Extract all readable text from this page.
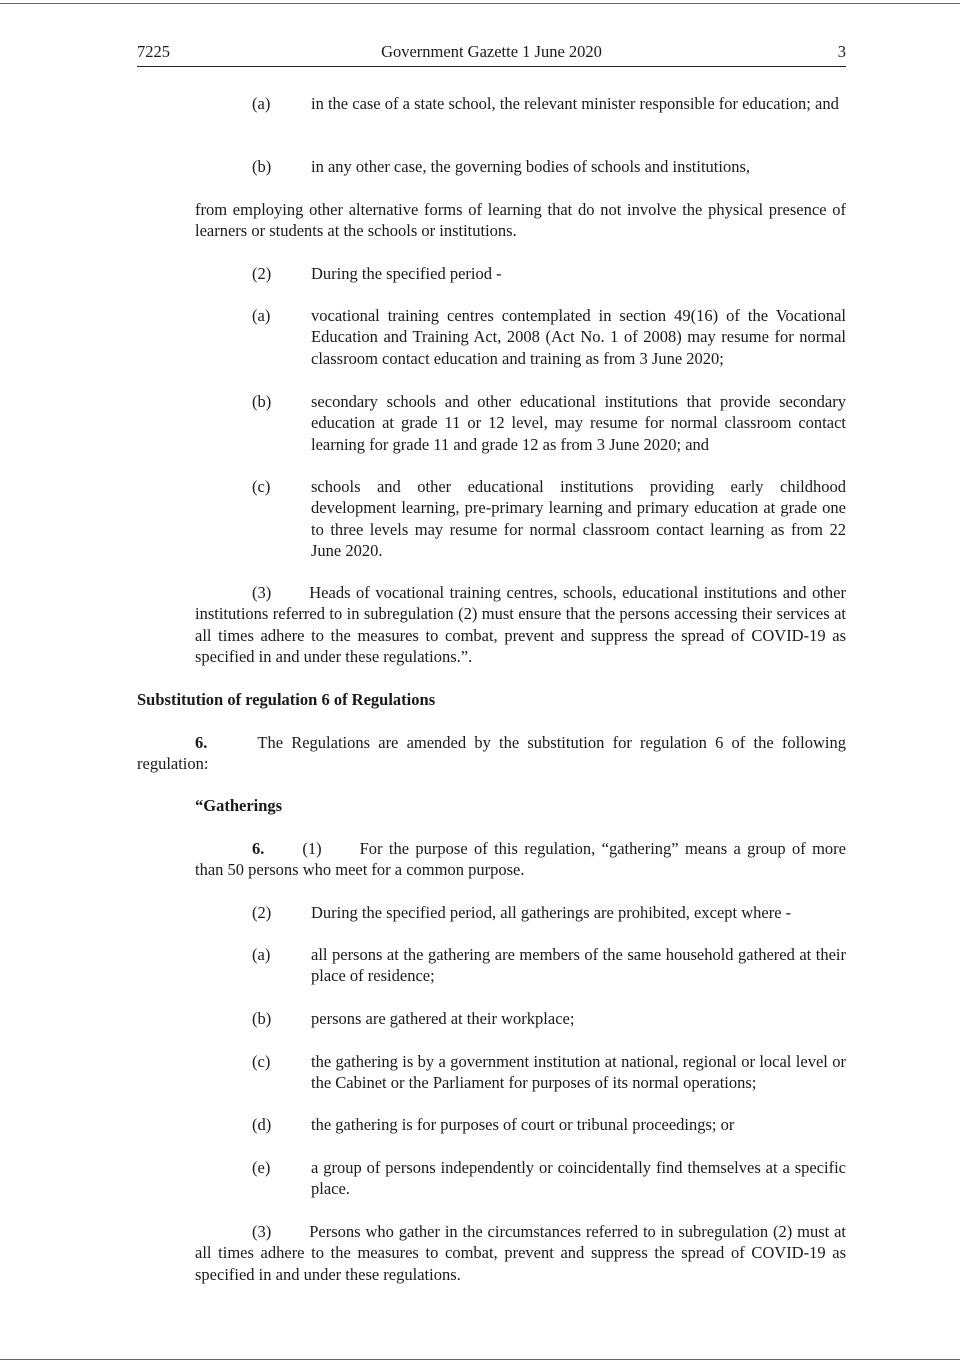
7225	Government Gazette 1 June 2020	3
(a) in the case of a state school, the relevant minister responsible for education; and
(b) in any other case, the governing bodies of schools and institutions,
from employing other alternative forms of learning that do not involve the physical presence of learners or students at the schools or institutions.
(2) During the specified period -
(a) vocational training centres contemplated in section 49(16) of the Vocational Education and Training Act, 2008 (Act No. 1 of 2008) may resume for normal classroom contact education and training as from 3 June 2020;
(b) secondary schools and other educational institutions that provide secondary education at grade 11 or 12 level, may resume for normal classroom contact learning for grade 11 and grade 12 as from 3 June 2020; and
(c) schools and other educational institutions providing early childhood development learning, pre-primary learning and primary education at grade one to three levels may resume for normal classroom contact learning as from 22 June 2020.
(3) Heads of vocational training centres, schools, educational institutions and other institutions referred to in subregulation (2) must ensure that the persons accessing their services at all times adhere to the measures to combat, prevent and suppress the spread of COVID-19 as specified in and under these regulations.”.
Substitution of regulation 6 of Regulations
6.	The Regulations are amended by the substitution for regulation 6 of the following regulation:
“Gatherings
6. (1) For the purpose of this regulation, “gathering” means a group of more than 50 persons who meet for a common purpose.
(2) During the specified period, all gatherings are prohibited, except where -
(a) all persons at the gathering are members of the same household gathered at their place of residence;
(b) persons are gathered at their workplace;
(c) the gathering is by a government institution at national, regional or local level or the Cabinet or the Parliament for purposes of its normal operations;
(d) the gathering is for purposes of court or tribunal proceedings; or
(e) a group of persons independently or coincidentally find themselves at a specific place.
(3) Persons who gather in the circumstances referred to in subregulation (2) must at all times adhere to the measures to combat, prevent and suppress the spread of COVID-19 as specified in and under these regulations.
